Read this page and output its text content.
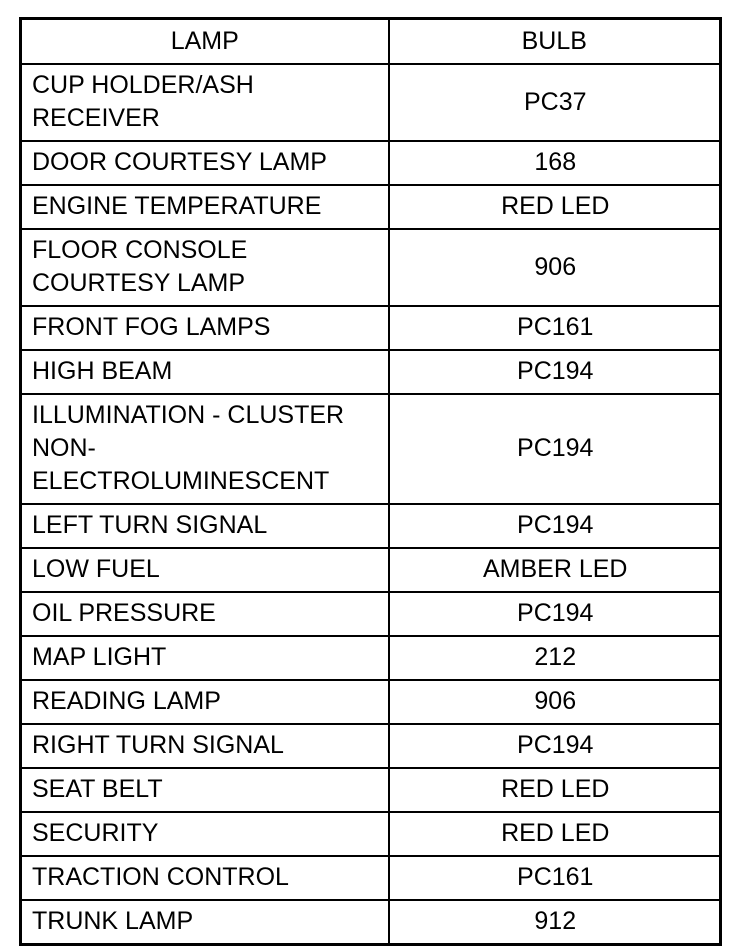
LAMP	BULB
CUP HOLDER/ASH RECEIVER	PC37
DOOR COURTESY LAMP	168
ENGINE TEMPERATURE	RED LED
FLOOR CONSOLE COURTESY LAMP	906
FRONT FOG LAMPS	PC161
HIGH BEAM	PC194
ILLUMINATION - CLUSTER NON-ELECTROLUMINESCENT	PC194
LEFT TURN SIGNAL	PC194
LOW FUEL	AMBER LED
OIL PRESSURE	PC194
MAP LIGHT	212
READING LAMP	906
RIGHT TURN SIGNAL	PC194
SEAT BELT	RED LED
SECURITY	RED LED
TRACTION CONTROL	PC161
TRUNK LAMP	912
